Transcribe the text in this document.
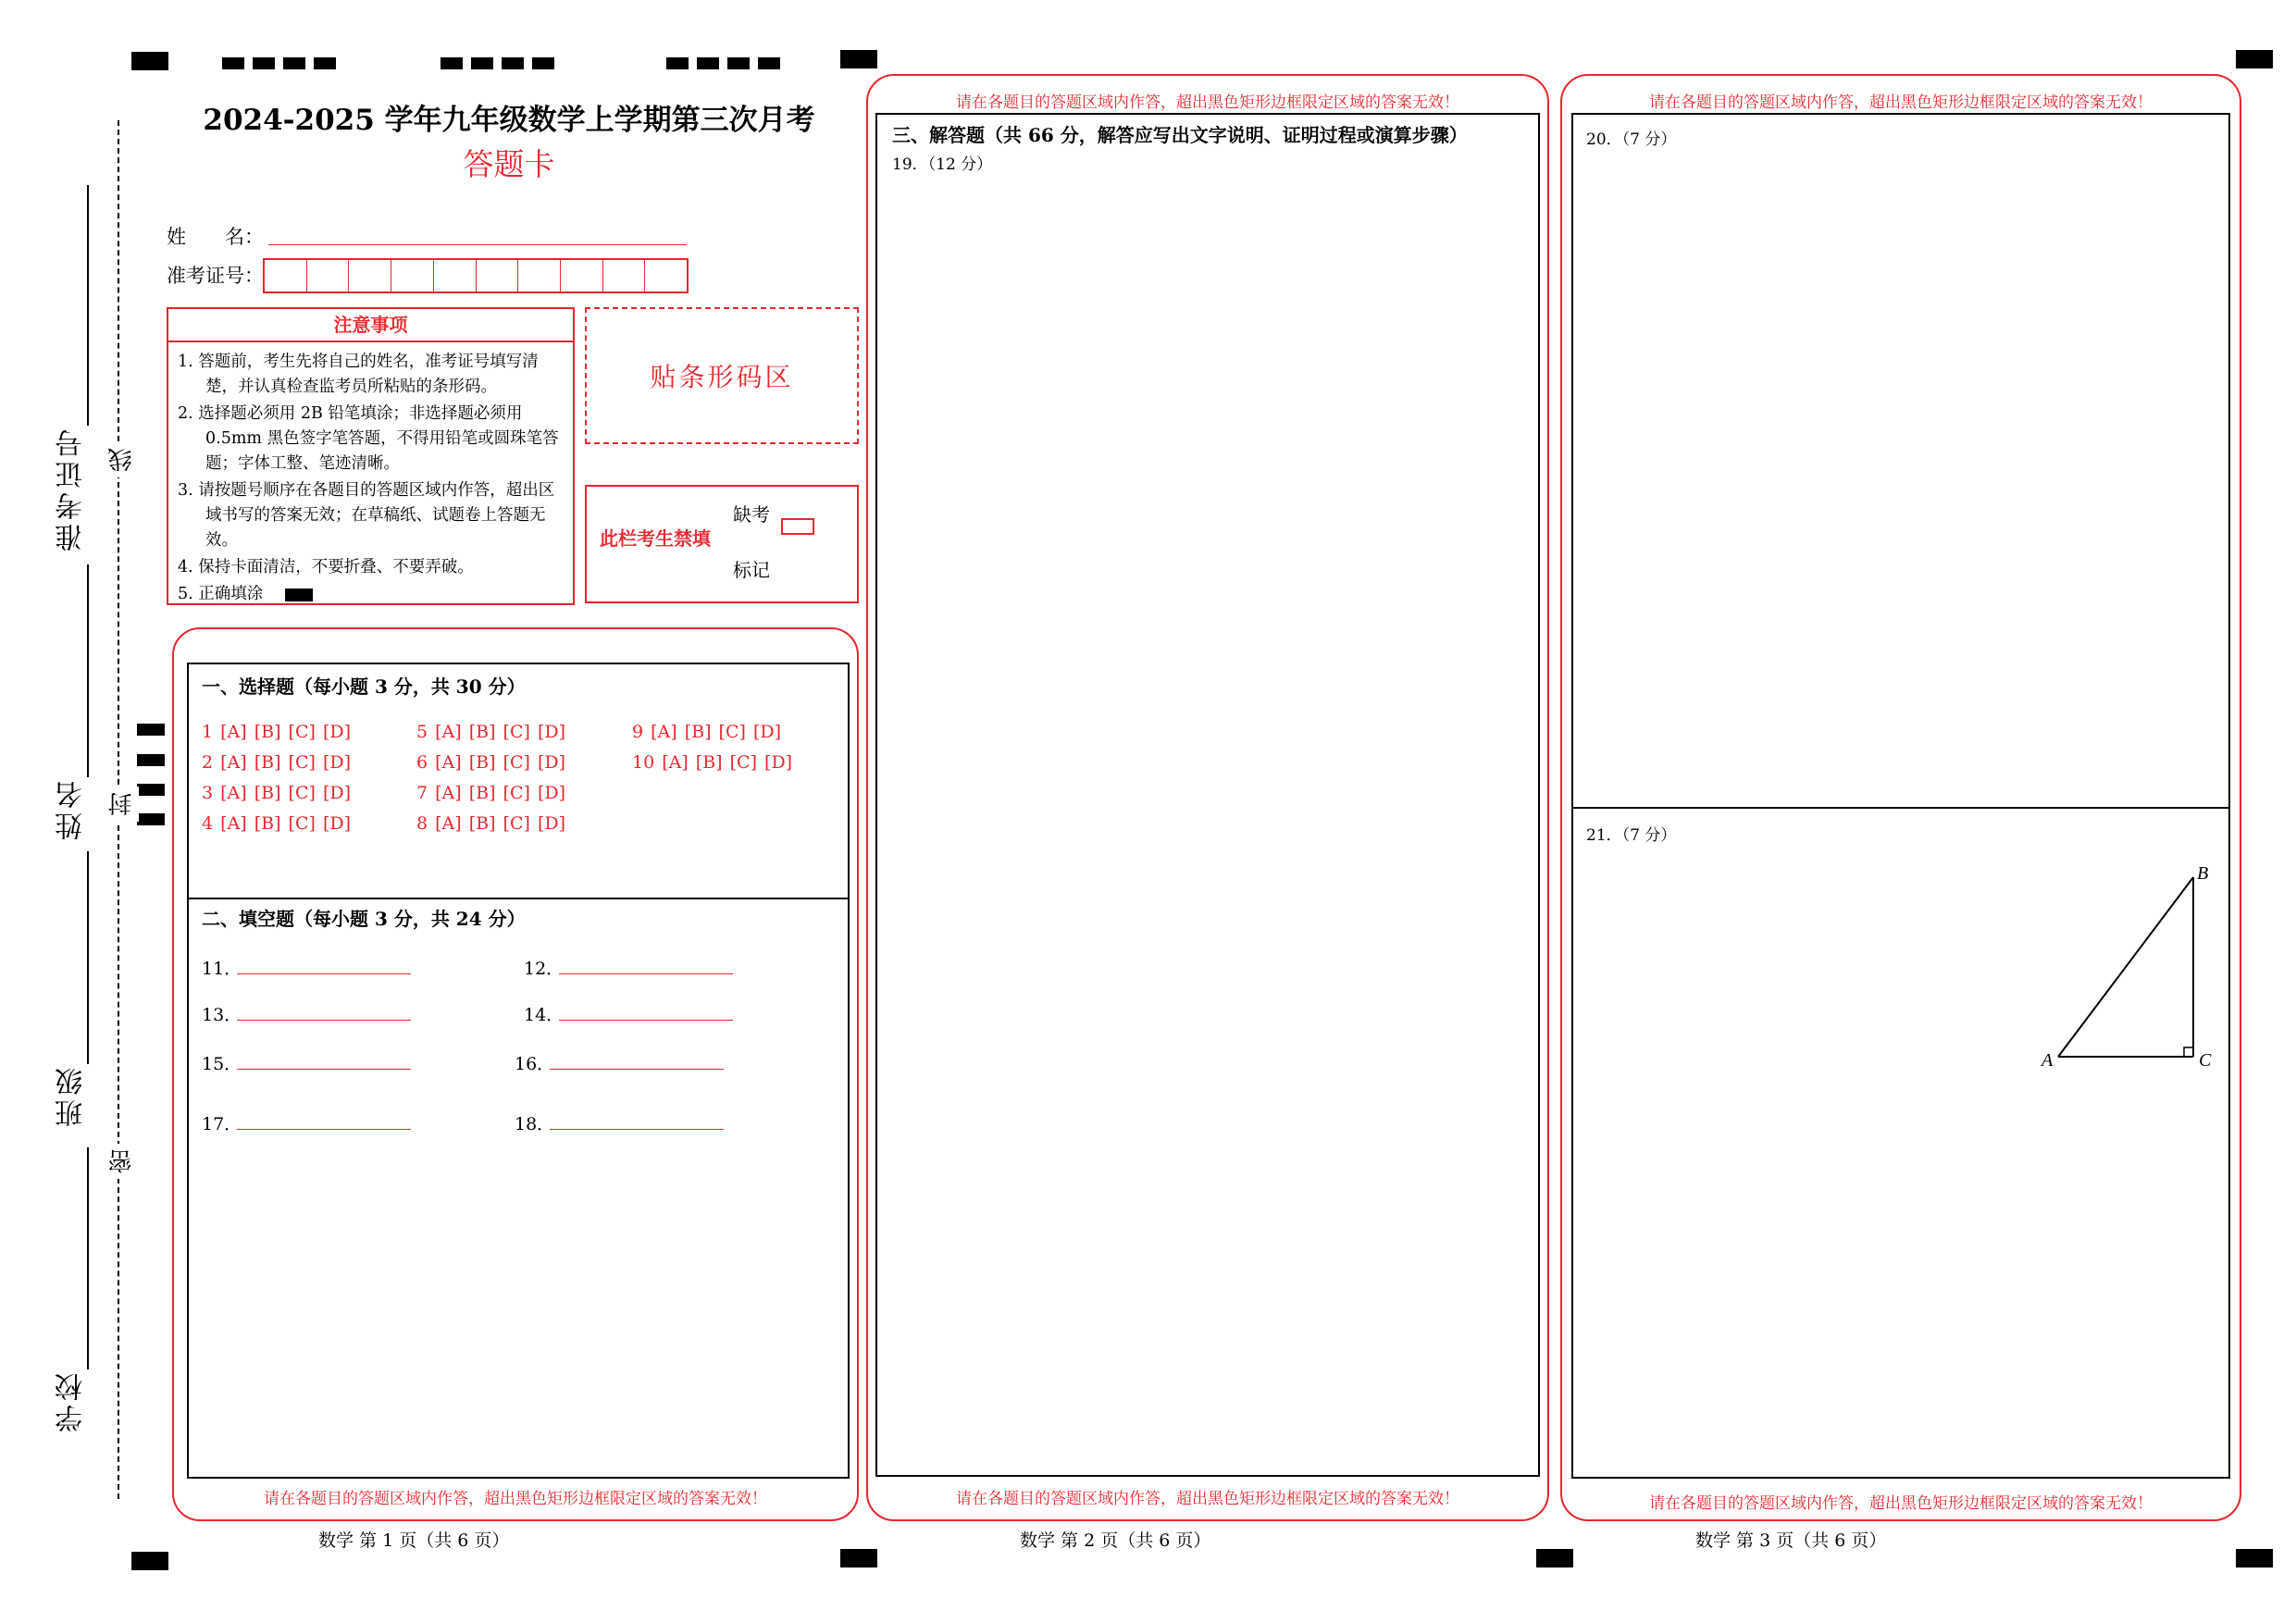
准考证号
姓名
班级
学校
线
封
密
2024-2025 学年九年级数学上学期第三次月考
答题卡
姓　　名：
准考证号：
注意事项
1. 答题前，考生先将自己的姓名，准考证号填写清楚，并认真检查监考员所粘贴的条形码。
2. 选择题必须用 2B 铅笔填涂；非选择题必须用 0.5mm 黑色签字笔答题，不得用铅笔或圆珠笔答题；字体工整、笔迹清晰。
3. 请按题号顺序在各题目的答题区域内作答，超出区域书写的答案无效；在草稿纸、试题卷上答题无效。
4. 保持卡面清洁，不要折叠、不要弄破。
5. 正确填涂
贴条形码区
此栏考生禁填
缺考
标记
一、选择题（每小题 3 分，共 30 分）
1 [A] [B] [C] [D]
2 [A] [B] [C] [D]
3 [A] [B] [C] [D]
4 [A] [B] [C] [D]
5 [A] [B] [C] [D]
6 [A] [B] [C] [D]
7 [A] [B] [C] [D]
8 [A] [B] [C] [D]
9 [A] [B] [C] [D]
10 [A] [B] [C] [D]
二、填空题（每小题 3 分，共 24 分）
11．	12．
13．	14．
15．	16．
17．	18．
请在各题目的答题区域内作答，超出黑色矩形边框限定区域的答案无效！
数学 第 1 页（共 6 页）
请在各题目的答题区域内作答，超出黑色矩形边框限定区域的答案无效！
三、解答题（共 66 分，解答应写出文字说明、证明过程或演算步骤）
19．（12 分）
请在各题目的答题区域内作答，超出黑色矩形边框限定区域的答案无效！
数学 第 2 页（共 6 页）
请在各题目的答题区域内作答，超出黑色矩形边框限定区域的答案无效！
20．（7 分）
21．（7 分）
A
B
C
请在各题目的答题区域内作答，超出黑色矩形边框限定区域的答案无效！
数学 第 3 页（共 6 页）
